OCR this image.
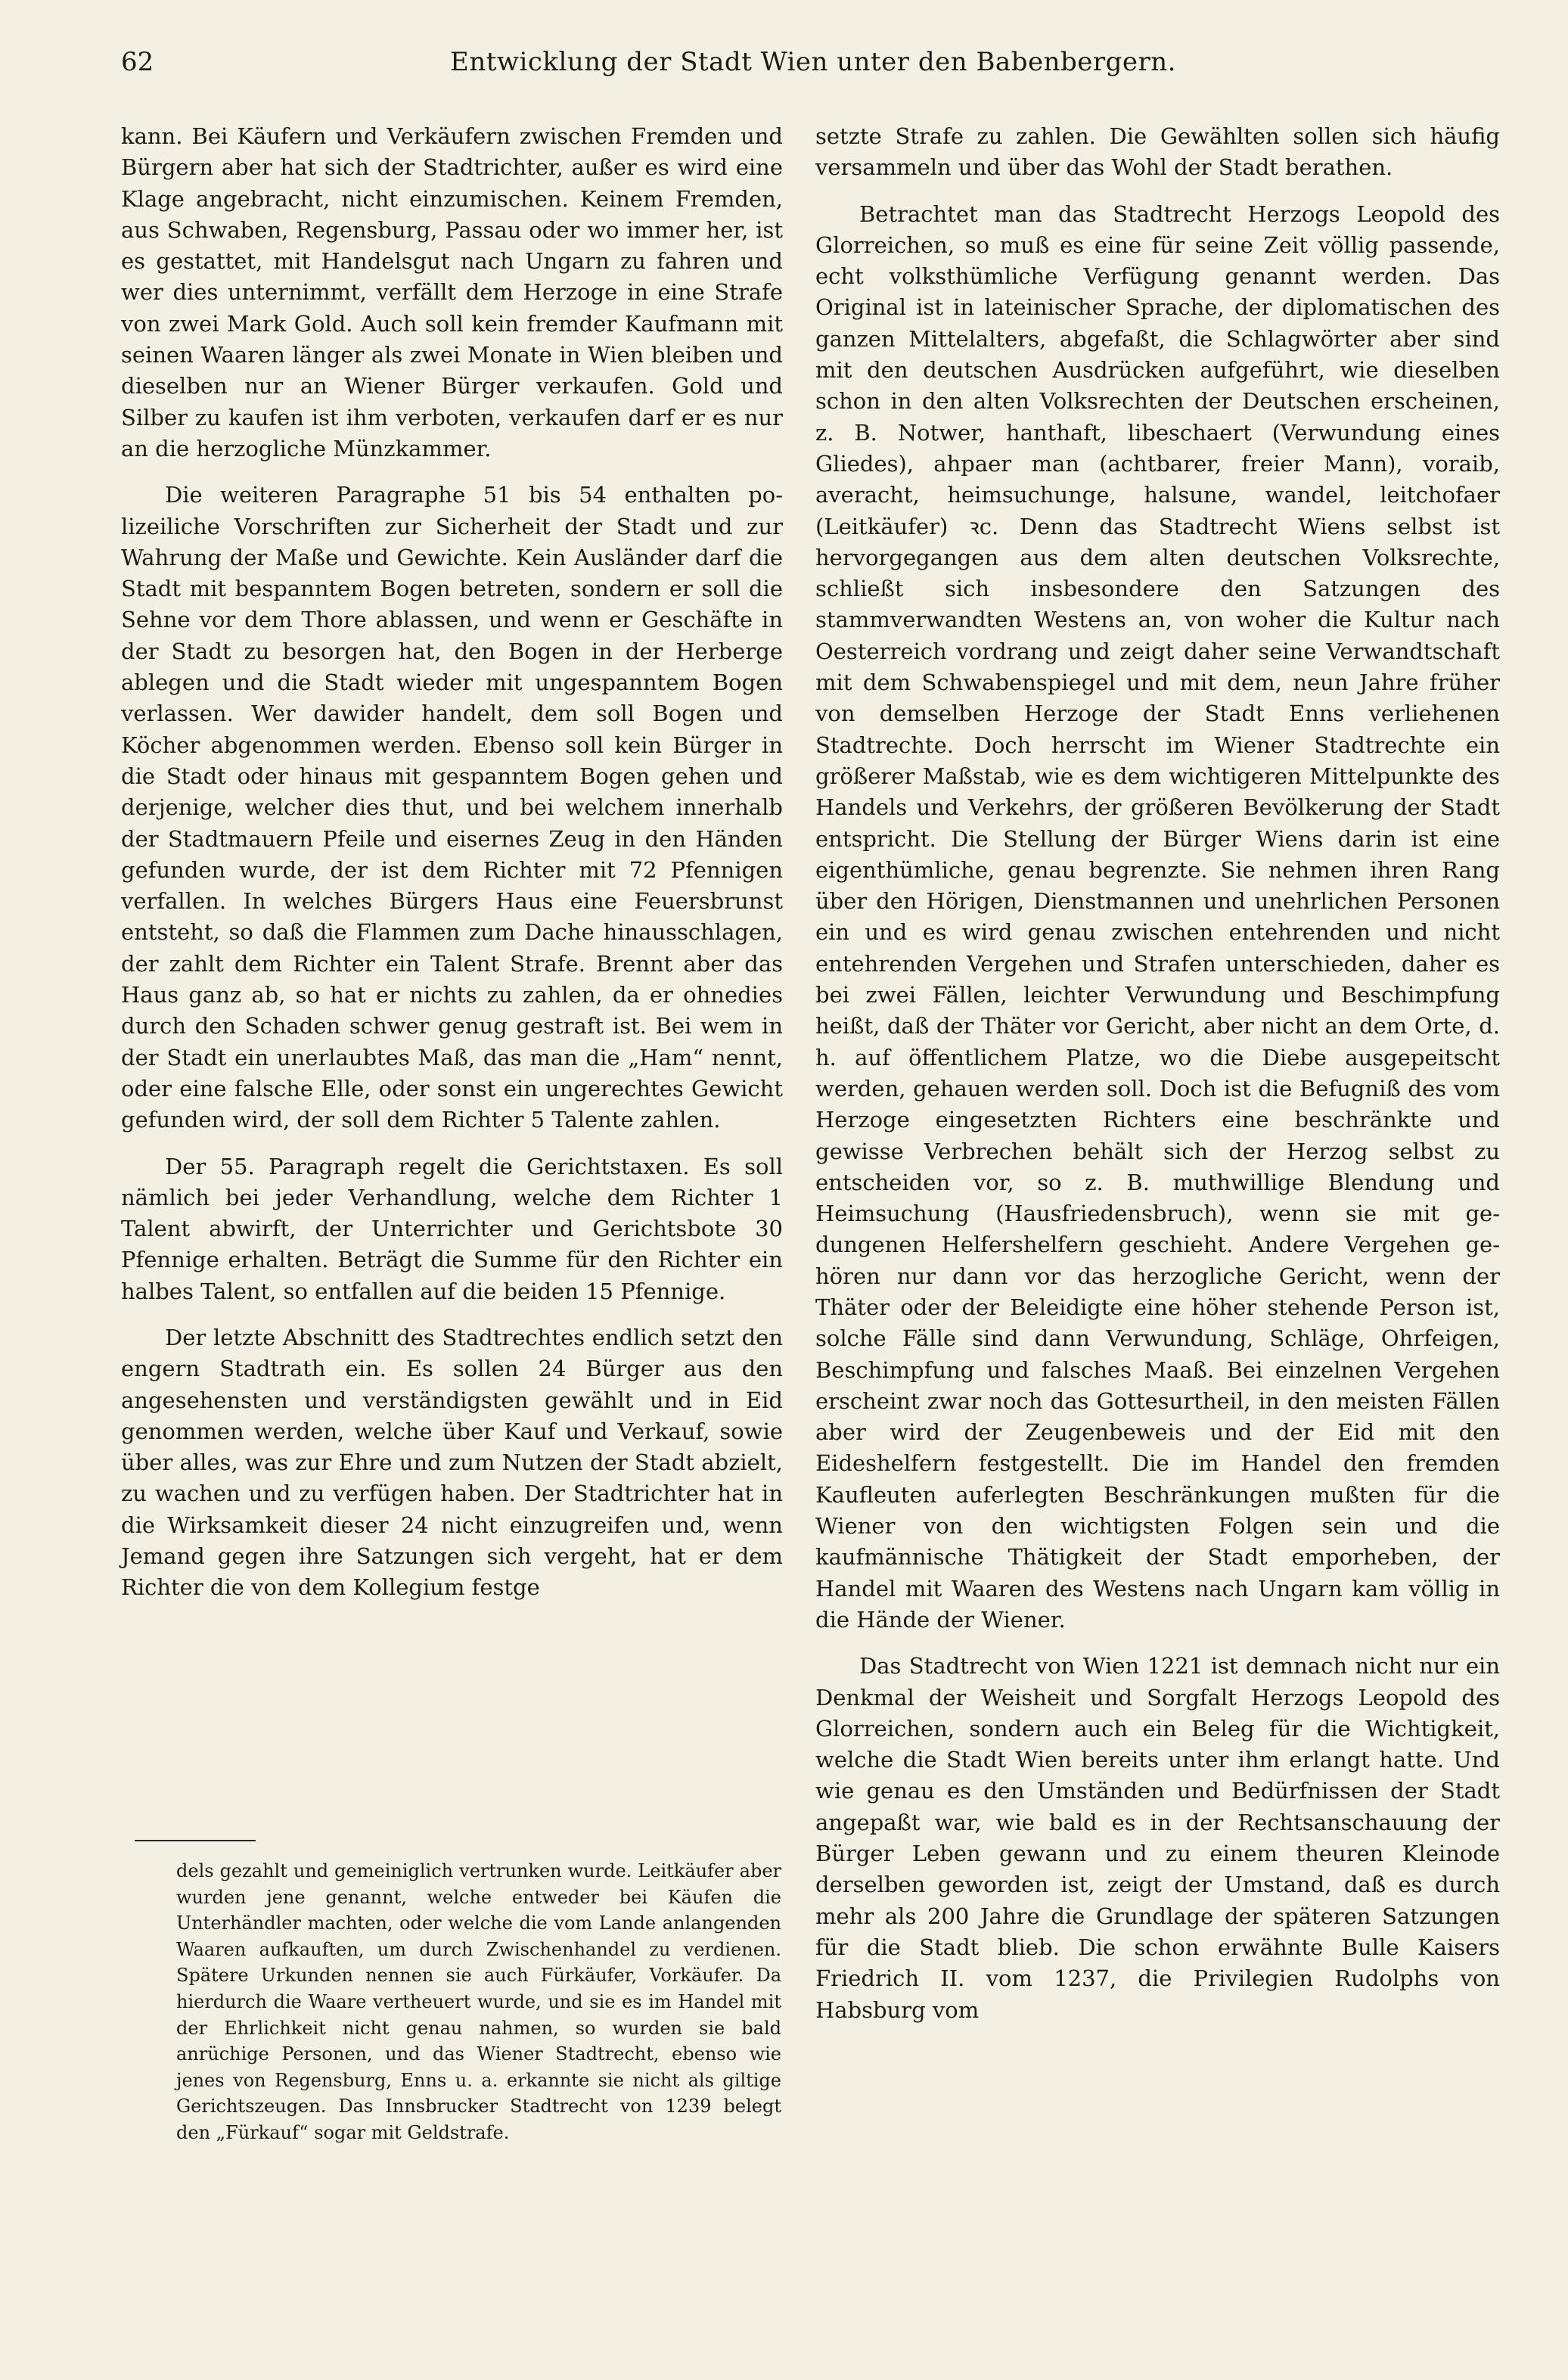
62	Entwicklung der Stadt Wien unter den Babenbergern.

kann. Bei Käufern und Verkäufern zwischen Fremden und Bürgern aber hat sich der Stadtrichter, außer es wird eine Klage angebracht, nicht einzumischen. Keinem Fremden, aus Schwaben, Regensburg, Passau oder wo immer her, ist es gestattet, mit Handelsgut nach Ungarn zu fahren und wer dies unternimmt, verfällt dem Herzoge in eine Strafe von zwei Mark Gold. Auch soll kein fremder Kaufmann mit seinen Waaren länger als zwei Monate in Wien bleiben und dieselben nur an Wiener Bürger verkaufen. Gold und Silber zu kaufen ist ihm verboten, verkaufen darf er es nur an die herzogliche Münzkammer.

Die weiteren Paragraphe 51 bis 54 enthalten polizeiliche Vorschriften zur Sicherheit der Stadt und zur Wahrung der Maße und Gewichte. Kein Ausländer darf die Stadt mit bespanntem Bogen betreten, sondern er soll die Sehne vor dem Thore ablassen, und wenn er Geschäfte in der Stadt zu besorgen hat, den Bogen in der Herberge ablegen und die Stadt wieder mit ungespanntem Bogen verlassen. Wer dawider handelt, dem soll Bogen und Köcher abgenommen werden. Ebenso soll kein Bürger in die Stadt oder hinaus mit gespanntem Bogen gehen und derjenige, welcher dies thut, und bei welchem innerhalb der Stadtmauern Pfeile und eisernes Zeug in den Händen gefunden wurde, der ist dem Richter mit 72 Pfennigen verfallen. In welches Bürgers Haus eine Feuersbrunst entsteht, so daß die Flammen zum Dache hinausschlagen, der zahlt dem Richter ein Talent Strafe. Brennt aber das Haus ganz ab, so hat er nichts zu zahlen, da er ohnedies durch den Schaden schwer genug gestraft ist. Bei wem in der Stadt ein unerlaubtes Maß, das man die „Ham“ nennt, oder eine falsche Elle, oder sonst ein ungerechtes Gewicht gefunden wird, der soll dem Richter 5 Talente zahlen.

Der 55. Paragraph regelt die Gerichtstaxen. Es soll nämlich bei jeder Verhandlung, welche dem Richter 1 Talent abwirft, der Unterrichter und Gerichtsbote 30 Pfennige erhalten. Beträgt die Summe für den Richter ein halbes Talent, so entfallen auf die beiden 15 Pfennige.

Der letzte Abschnitt des Stadtrechtes endlich setzt den engern Stadtrath ein. Es sollen 24 Bürger aus den angesehensten und verständigsten gewählt und in Eid genommen werden, welche über Kauf und Verkauf, sowie über alles, was zur Ehre und zum Nutzen der Stadt abzielt, zu wachen und zu verfügen haben. Der Stadtrichter hat in die Wirksamkeit dieser 24 nicht einzugreifen und, wenn Jemand gegen ihre Satzungen sich vergeht, hat er dem Richter die von dem Kollegium festge

dels gezahlt und gemeiniglich vertrunken wurde. Leitkäufer aber wurden jene genannt, welche entweder bei Käufen die Unterhändler machten, oder welche die vom Lande anlangenden Waaren aufkauften, um durch Zwischenhandel zu verdienen. Spätere Urkunden nennen sie auch Fürkäufer, Vorkäufer. Da hierdurch die Waare vertheuert wurde, und sie es im Handel mit der Ehrlichkeit nicht genau nahmen, so wurden sie bald anrüchige Personen, und das Wiener Stadtrecht, ebenso wie jenes von Regensburg, Enns u. a. erkannte sie nicht als giltige Gerichtszeugen. Das Innsbrucker Stadtrecht von 1239 belegt den „Fürkauf“ sogar mit Geldstrafe.

setzte Strafe zu zahlen. Die Gewählten sollen sich häufig versammeln und über das Wohl der Stadt berathen.

Betrachtet man das Stadtrecht Herzogs Leopold des Glorreichen, so muß es eine für seine Zeit völlig passende, echt volksthümliche Verfügung genannt werden. Das Original ist in lateinischer Sprache, der diplomatischen des ganzen Mittelalters, abgefaßt, die Schlagwörter aber sind mit den deutschen Ausdrücken aufgeführt, wie dieselben schon in den alten Volksrechten der Deutschen erscheinen, z. B. Notwer, hanthaft, libeschaert (Verwundung eines Gliedes), ahpaer man (achtbarer, freier Mann), voraib, averacht, heimsuchunge, halsune, wandel, leitchofaer (Leitkäufer) ꝛc. Denn das Stadtrecht Wiens selbst ist hervorgegangen aus dem alten deutschen Volksrechte, schließt sich insbesondere den Satzungen des stammverwandten Westens an, von woher die Kultur nach Oesterreich vordrang und zeigt daher seine Verwandtschaft mit dem Schwabenspiegel und mit dem, neun Jahre früher von demselben Herzoge der Stadt Enns verliehenen Stadtrechte. Doch herrscht im Wiener Stadtrechte ein größerer Maßstab, wie es dem wichtigeren Mittelpunkte des Handels und Verkehrs, der größeren Bevölkerung der Stadt entspricht. Die Stellung der Bürger Wiens darin ist eine eigenthümliche, genau begrenzte. Sie nehmen ihren Rang über den Hörigen, Dienstmannen und unehrlichen Personen ein und es wird genau zwischen entehrenden und nicht entehrenden Vergehen und Strafen unterschieden, daher es bei zwei Fällen, leichter Verwundung und Beschimpfung heißt, daß der Thäter vor Gericht, aber nicht an dem Orte, d. h. auf öffentlichem Platze, wo die Diebe ausgepeitscht werden, gehauen werden soll. Doch ist die Befugniß des vom Herzoge eingesetzten Richters eine beschränkte und gewisse Verbrechen behält sich der Herzog selbst zu entscheiden vor, so z. B. muthwillige Blendung und Heimsuchung (Hausfriedensbruch), wenn sie mit gedungenen Helfershelfern geschieht. Andere Vergehen gehören nur dann vor das herzogliche Gericht, wenn der Thäter oder der Beleidigte eine höher stehende Person ist, solche Fälle sind dann Verwundung, Schläge, Ohrfeigen, Beschimpfung und falsches Maaß. Bei einzelnen Vergehen erscheint zwar noch das Gottesurtheil, in den meisten Fällen aber wird der Zeugenbeweis und der Eid mit den Eideshelfern festgestellt. Die im Handel den fremden Kaufleuten auferlegten Beschränkungen mußten für die Wiener von den wichtigsten Folgen sein und die kaufmännische Thätigkeit der Stadt emporheben, der Handel mit Waaren des Westens nach Ungarn kam völlig in die Hände der Wiener.

Das Stadtrecht von Wien 1221 ist demnach nicht nur ein Denkmal der Weisheit und Sorgfalt Herzogs Leopold des Glorreichen, sondern auch ein Beleg für die Wichtigkeit, welche die Stadt Wien bereits unter ihm erlangt hatte. Und wie genau es den Umständen und Bedürfnissen der Stadt angepaßt war, wie bald es in der Rechtsanschauung der Bürger Leben gewann und zu einem theuren Kleinode derselben geworden ist, zeigt der Umstand, daß es durch mehr als 200 Jahre die Grundlage der späteren Satzungen für die Stadt blieb. Die schon erwähnte Bulle Kaisers Friedrich II. vom 1237, die Privilegien Rudolphs von Habsburg vom
